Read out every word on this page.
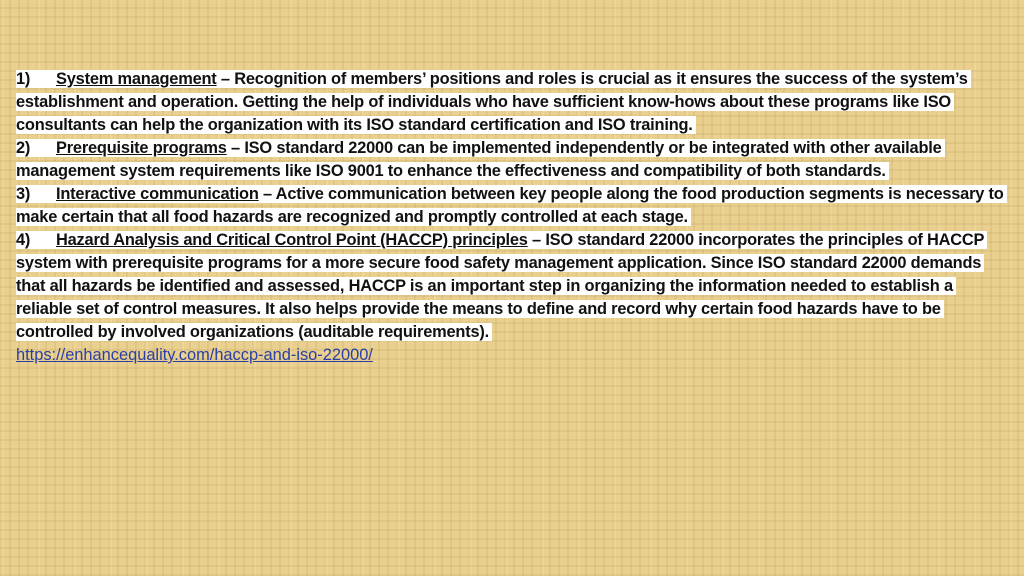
1) System management – Recognition of members’ positions and roles is crucial as it ensures the success of the system’s establishment and operation. Getting the help of individuals who have sufficient know-hows about these programs like ISO consultants can help the organization with its ISO standard certification and ISO training.

2) Prerequisite programs – ISO standard 22000 can be implemented independently or be integrated with other available management system requirements like ISO 9001 to enhance the effectiveness and compatibility of both standards.

3) Interactive communication – Active communication between key people along the food production segments is necessary to make certain that all food hazards are recognized and promptly controlled at each stage.

4) Hazard Analysis and Critical Control Point (HACCP) principles – ISO standard 22000 incorporates the principles of HACCP system with prerequisite programs for a more secure food safety management application. Since ISO standard 22000 demands that all hazards be identified and assessed, HACCP is an important step in organizing the information needed to establish a reliable set of control measures. It also helps provide the means to define and record why certain food hazards have to be controlled by involved organizations (auditable requirements).

https://enhancequality.com/haccp-and-iso-22000/
